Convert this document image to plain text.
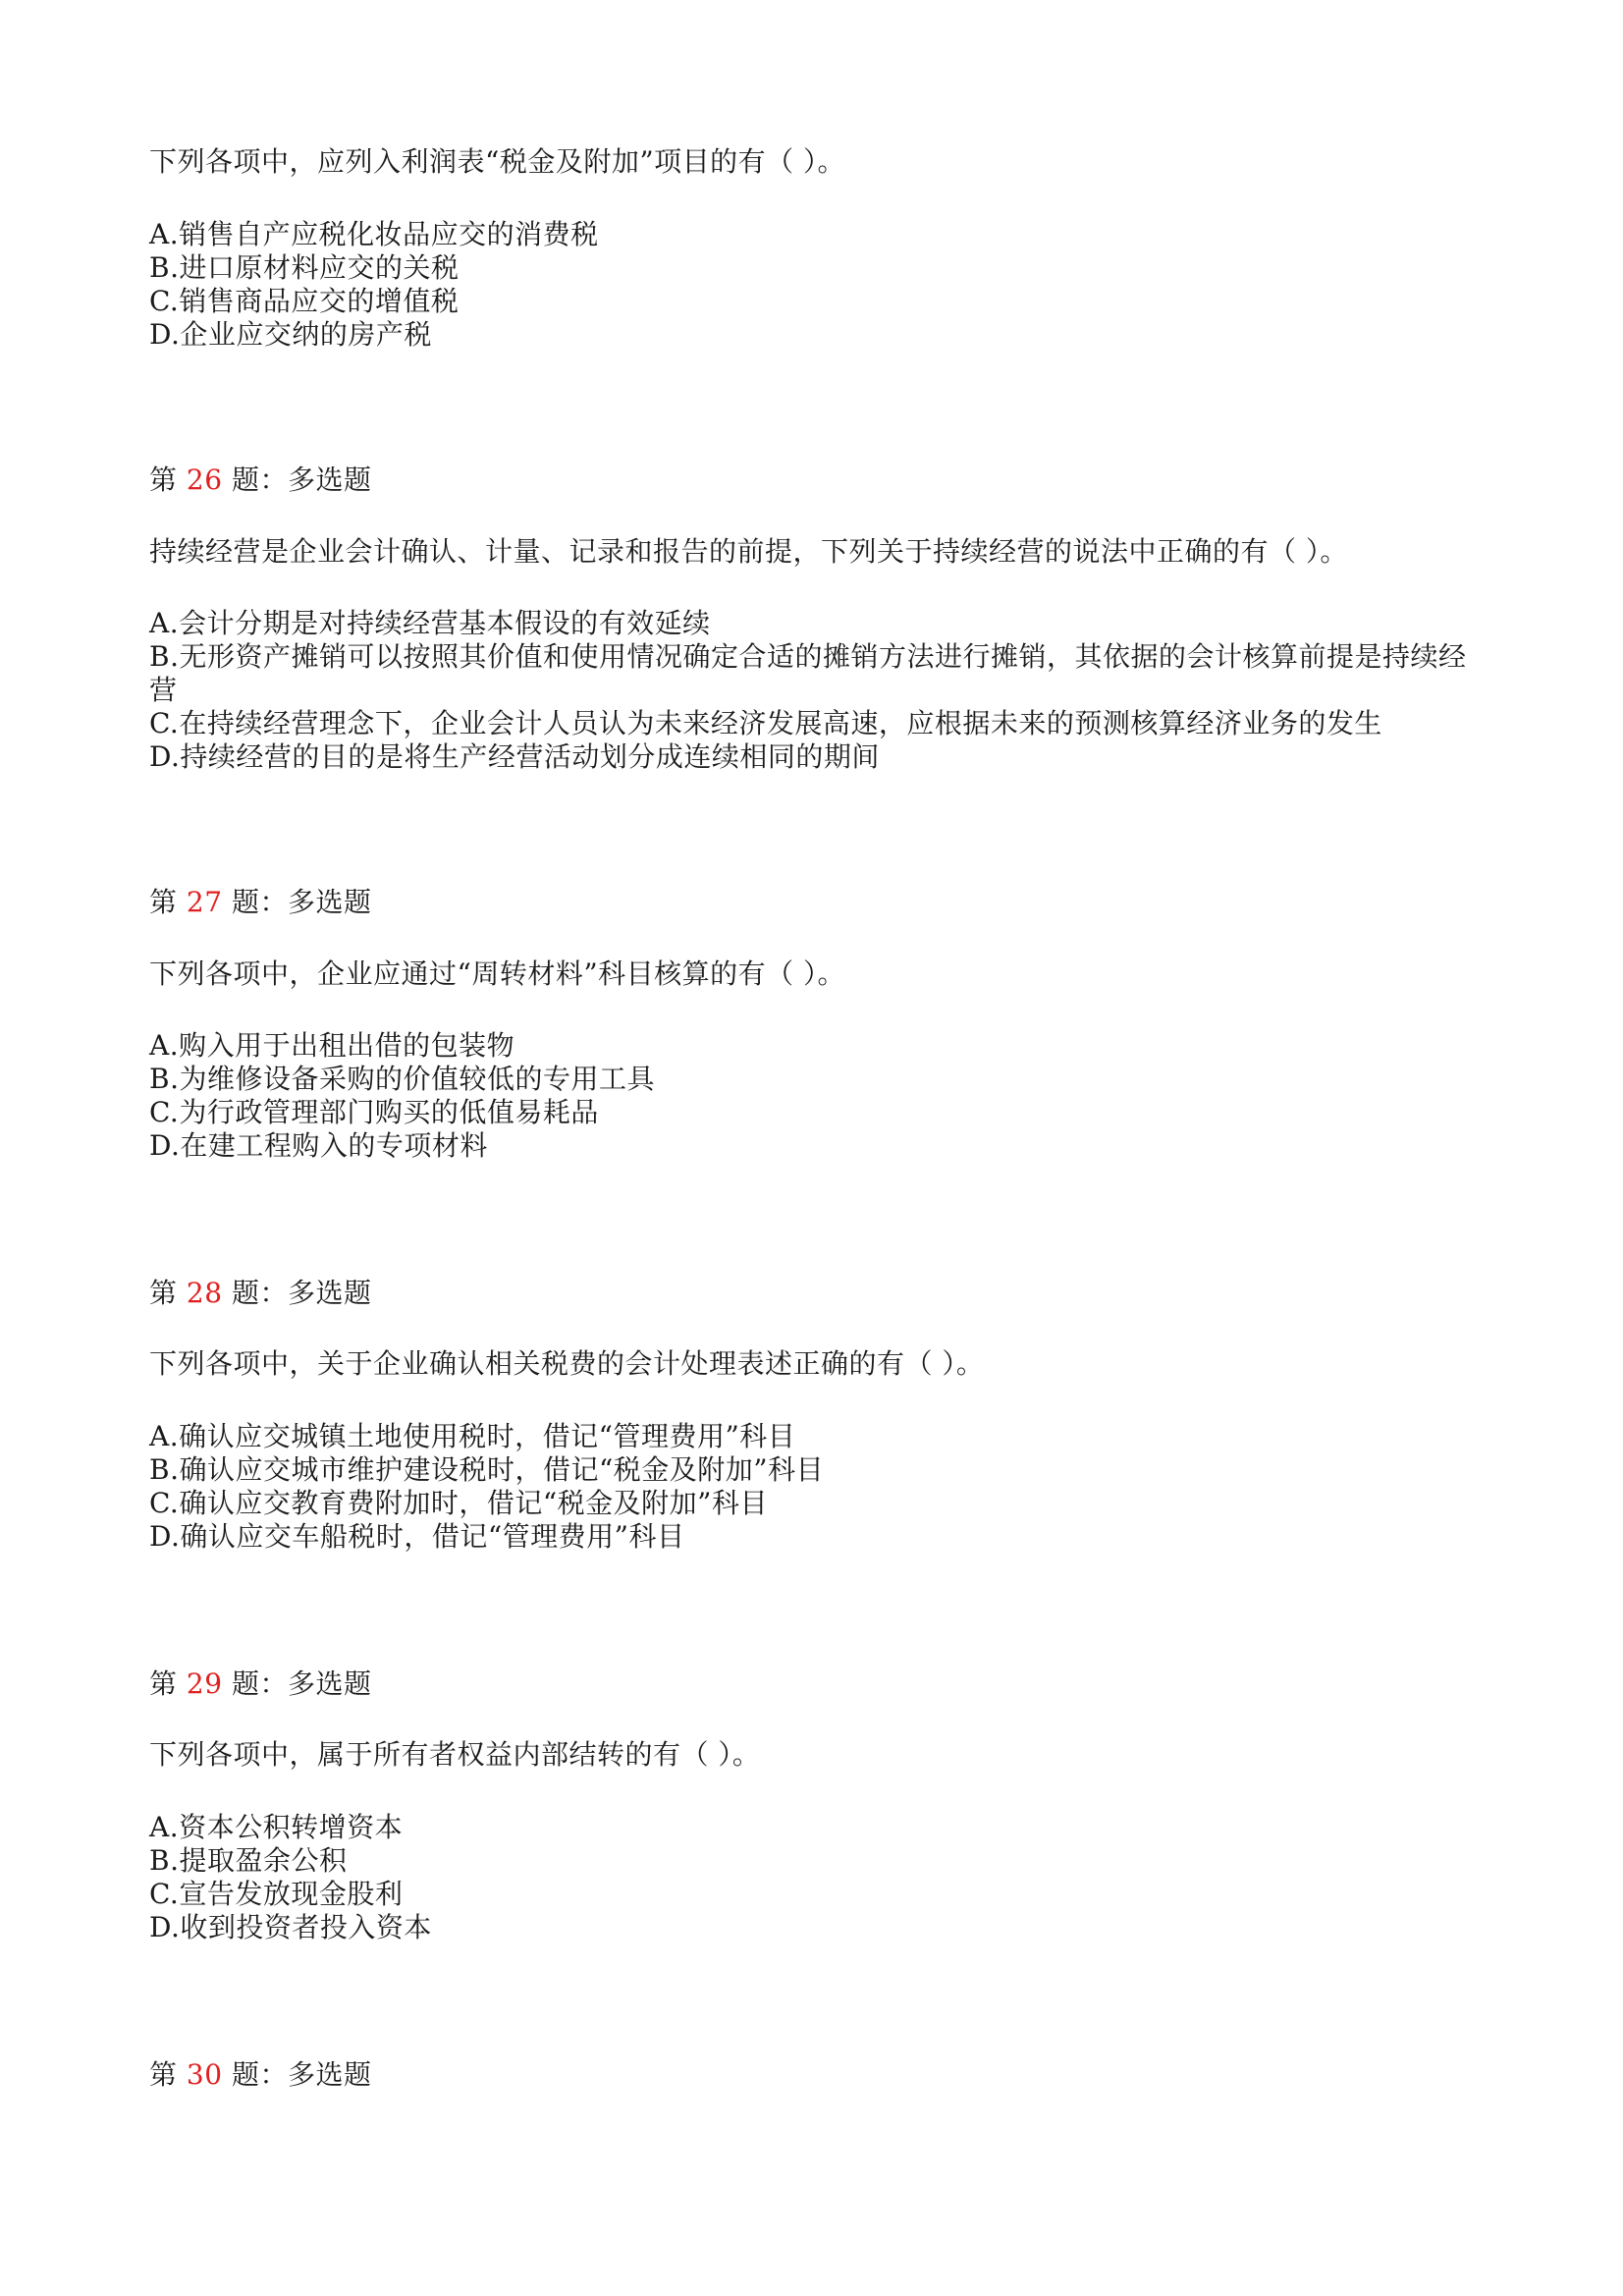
下列各项中，应列入利润表“税金及附加”项目的有（ ）。
A.销售自产应税化妆品应交的消费税
B.进口原材料应交的关税
C.销售商品应交的增值税
D.企业应交纳的房产税
第 26 题：多选题
持续经营是企业会计确认、计量、记录和报告的前提，下列关于持续经营的说法中正确的有（ ）。
A.会计分期是对持续经营基本假设的有效延续
B.无形资产摊销可以按照其价值和使用情况确定合适的摊销方法进行摊销，其依据的会计核算前提是持续经营
C.在持续经营理念下，企业会计人员认为未来经济发展高速，应根据未来的预测核算经济业务的发生
D.持续经营的目的是将生产经营活动划分成连续相同的期间
第 27 题：多选题
下列各项中，企业应通过“周转材料”科目核算的有（ ）。
A.购入用于出租出借的包装物
B.为维修设备采购的价值较低的专用工具
C.为行政管理部门购买的低值易耗品
D.在建工程购入的专项材料
第 28 题：多选题
下列各项中，关于企业确认相关税费的会计处理表述正确的有（ ）。
A.确认应交城镇土地使用税时，借记“管理费用”科目
B.确认应交城市维护建设税时，借记“税金及附加”科目
C.确认应交教育费附加时，借记“税金及附加”科目
D.确认应交车船税时，借记“管理费用”科目
第 29 题：多选题
下列各项中，属于所有者权益内部结转的有（ ）。
A.资本公积转增资本
B.提取盈余公积
C.宣告发放现金股利
D.收到投资者投入资本
第 30 题：多选题
